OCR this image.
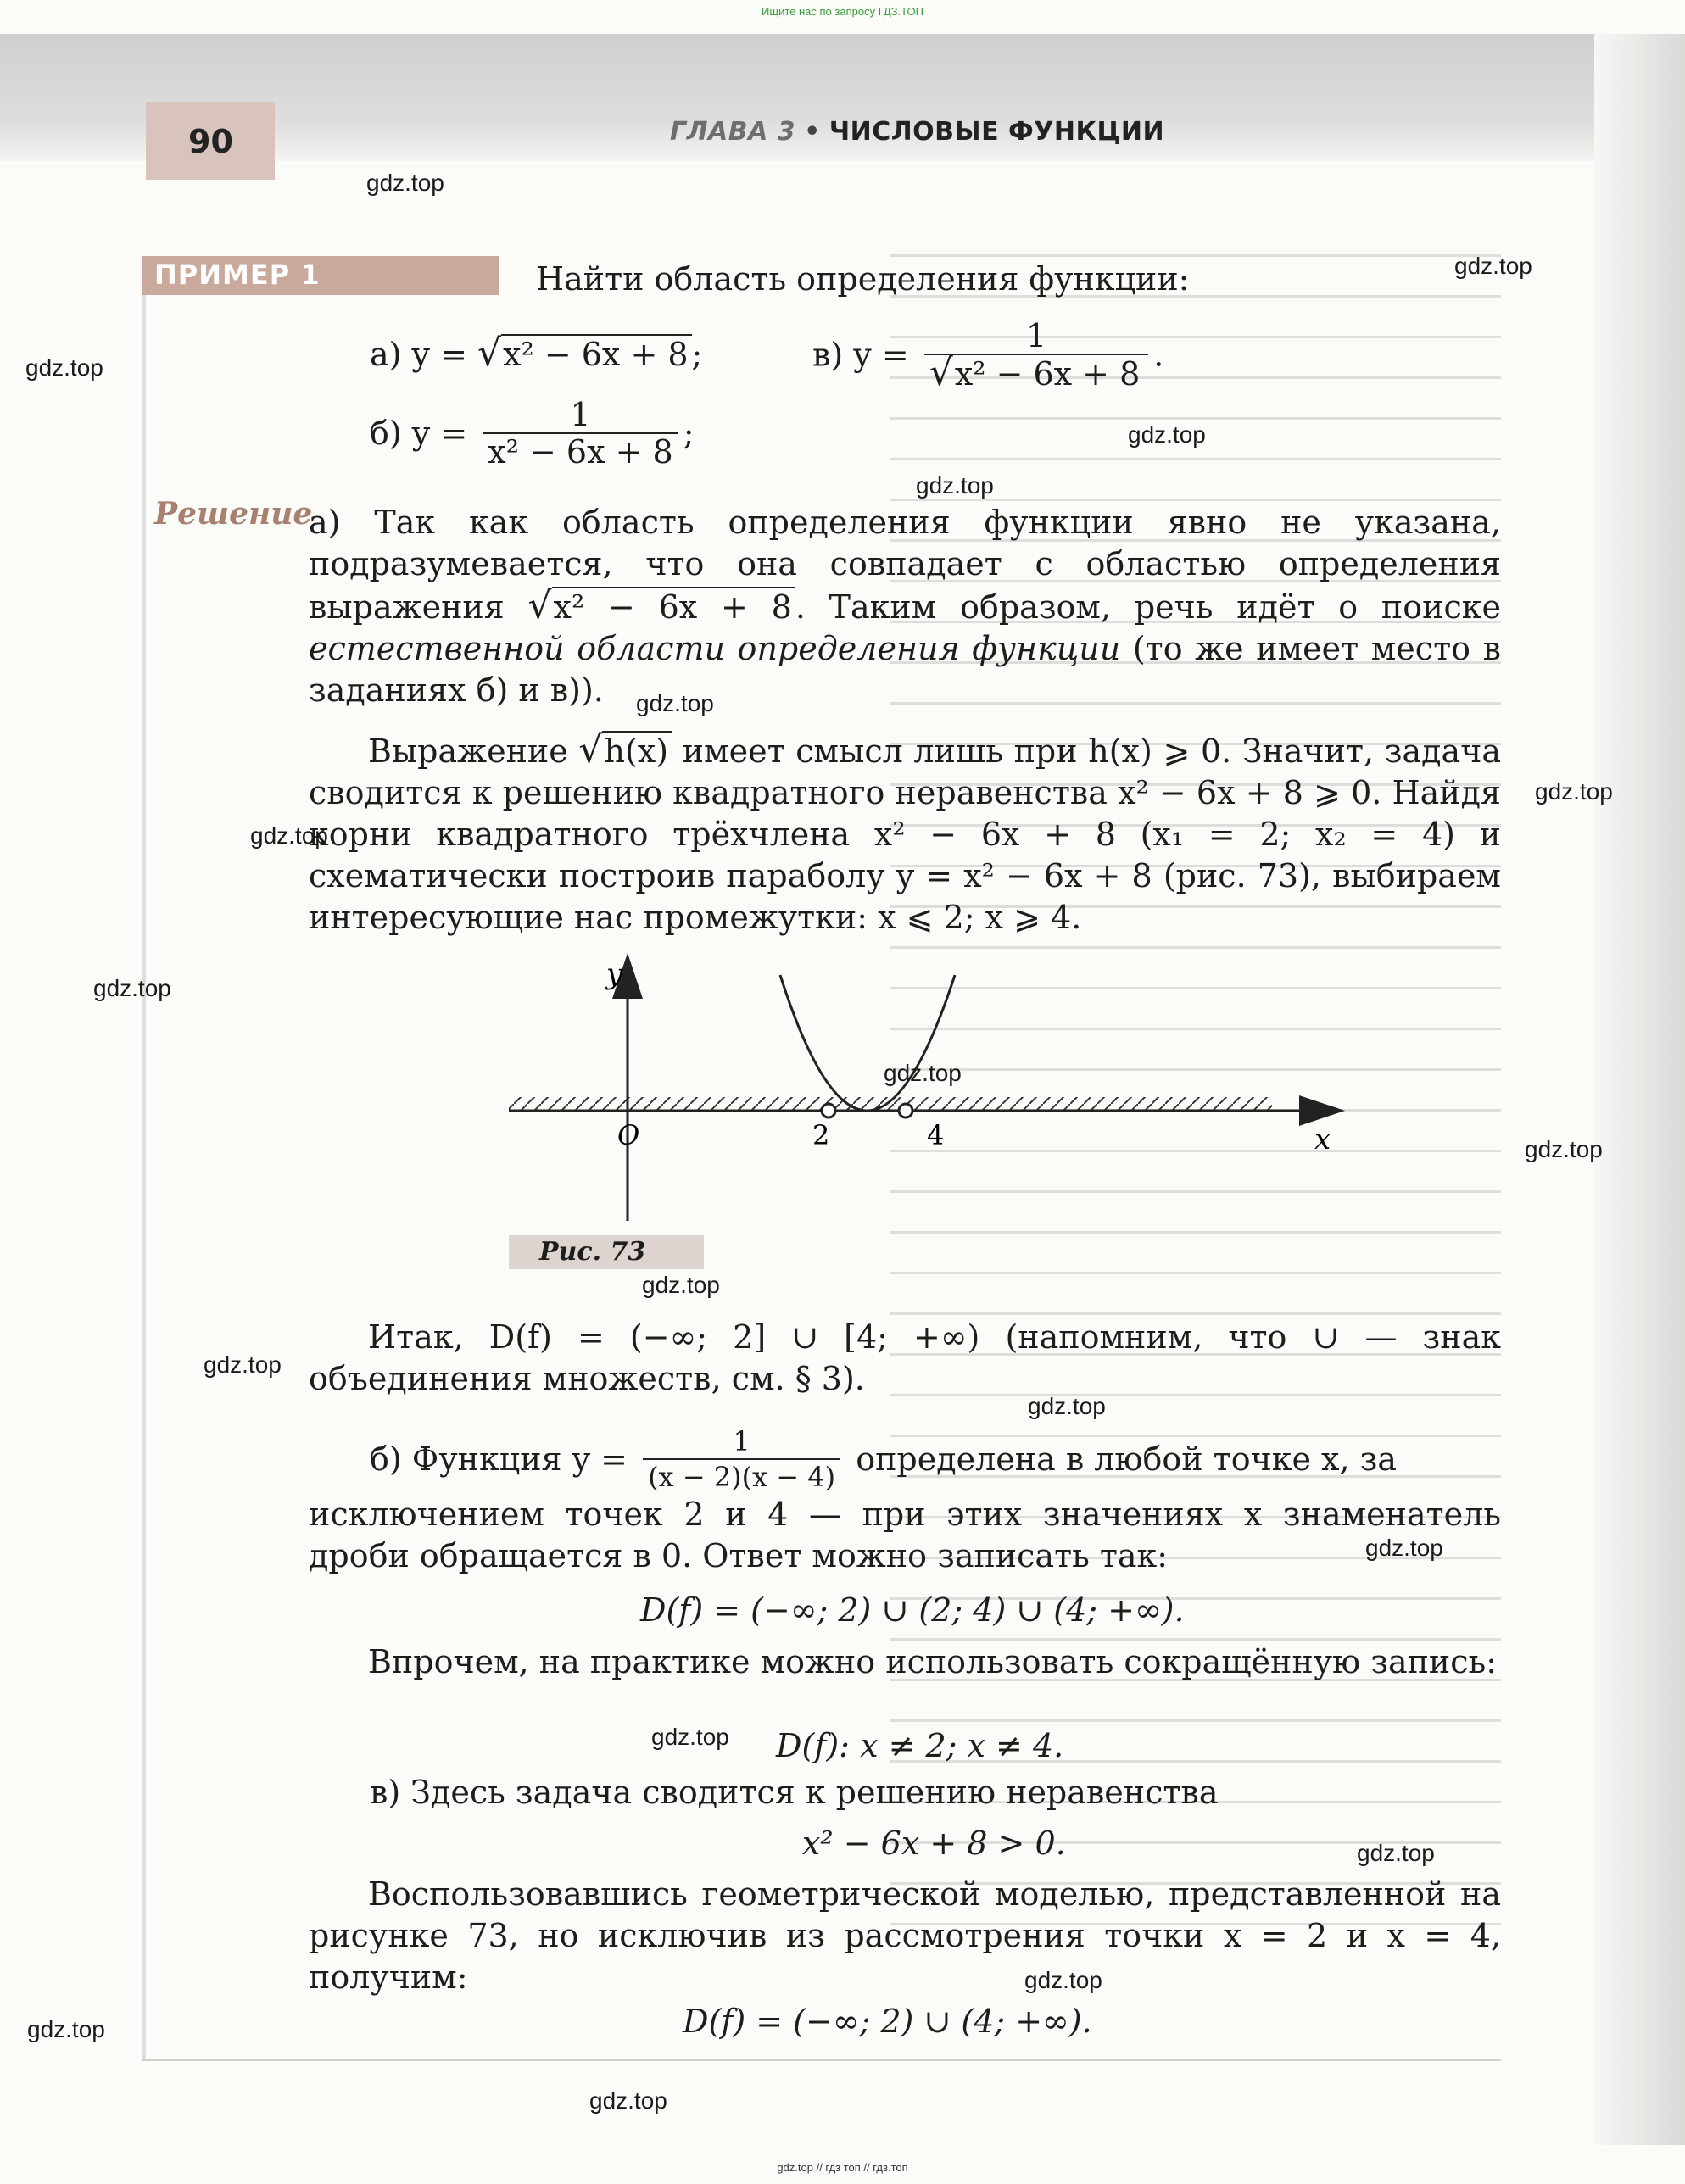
Ищите нас по запросу ГДЗ.ТОП
90	ГЛАВА 3 • ЧИСЛОВЫЕ ФУНКЦИИ
ПРИМЕР 1	Найти область определения функции:
а) y = √x² − 6x + 8 ;	в) $y = \frac{1}{\text{√x² − 6x + 8}}$ .
б) $y = \frac{1}{\text{x² − 6x + 8}}$ ;
Решение
а) Так как область определения функции явно не указана, подразумевается, что она совпадает с областью определения выражения √x² − 6x + 8 . Таким образом, речь идёт о поиске естественной области определения функции (то же имеет место в заданиях б) и в)).
Выражение √h(x) имеет смысл лишь при h(x) ⩾ 0. Значит, задача сводится к решению квадратного неравенства x² − 6x + 8 ⩾ 0. Найдя корни квадратного трёхчлена x² − 6x + 8 (x₁ = 2; x₂ = 4) и схематически построив параболу y = x² − 6x + 8 (рис. 73), выбираем интересующие нас промежутки: x ⩽ 2; x ⩾ 4.
y
x
O	2	4
Рис. 73
Итак, D(f) = (−∞; 2] ∪ [4; +∞) (напомним, что ∪ — знак объединения множеств, см. § 3).
б) Функция $y = \frac{1}{(x - 2)(x - 4)}$ определена в любой точке x, за
исключением точек 2 и 4 — при этих значениях x знаменатель дроби обращается в 0. Ответ можно записать так:
D(f) = (−∞; 2) ∪ (2; 4) ∪ (4; +∞).
Впрочем, на практике можно использовать сокращённую запись:
D(f): x ≠ 2; x ≠ 4.
в) Здесь задача сводится к решению неравенства
x² − 6x + 8 > 0.
Воспользовавшись геометрической моделью, представленной на рисунке 73, но исключив из рассмотрения точки x = 2 и x = 4, получим:
D(f) = (−∞; 2) ∪ (4; +∞).
gdz.top
gdz.top
gdz.top
gdz.top
gdz.top
gdz.top
gdz.top
gdz.top
gdz.top
gdz.top
gdz.top
gdz.top
gdz.top
gdz.top
gdz.top
gdz.top
gdz.top
gdz.top
gdz.top
gdz.top
gdz.top // гдз топ // гдз.топ
